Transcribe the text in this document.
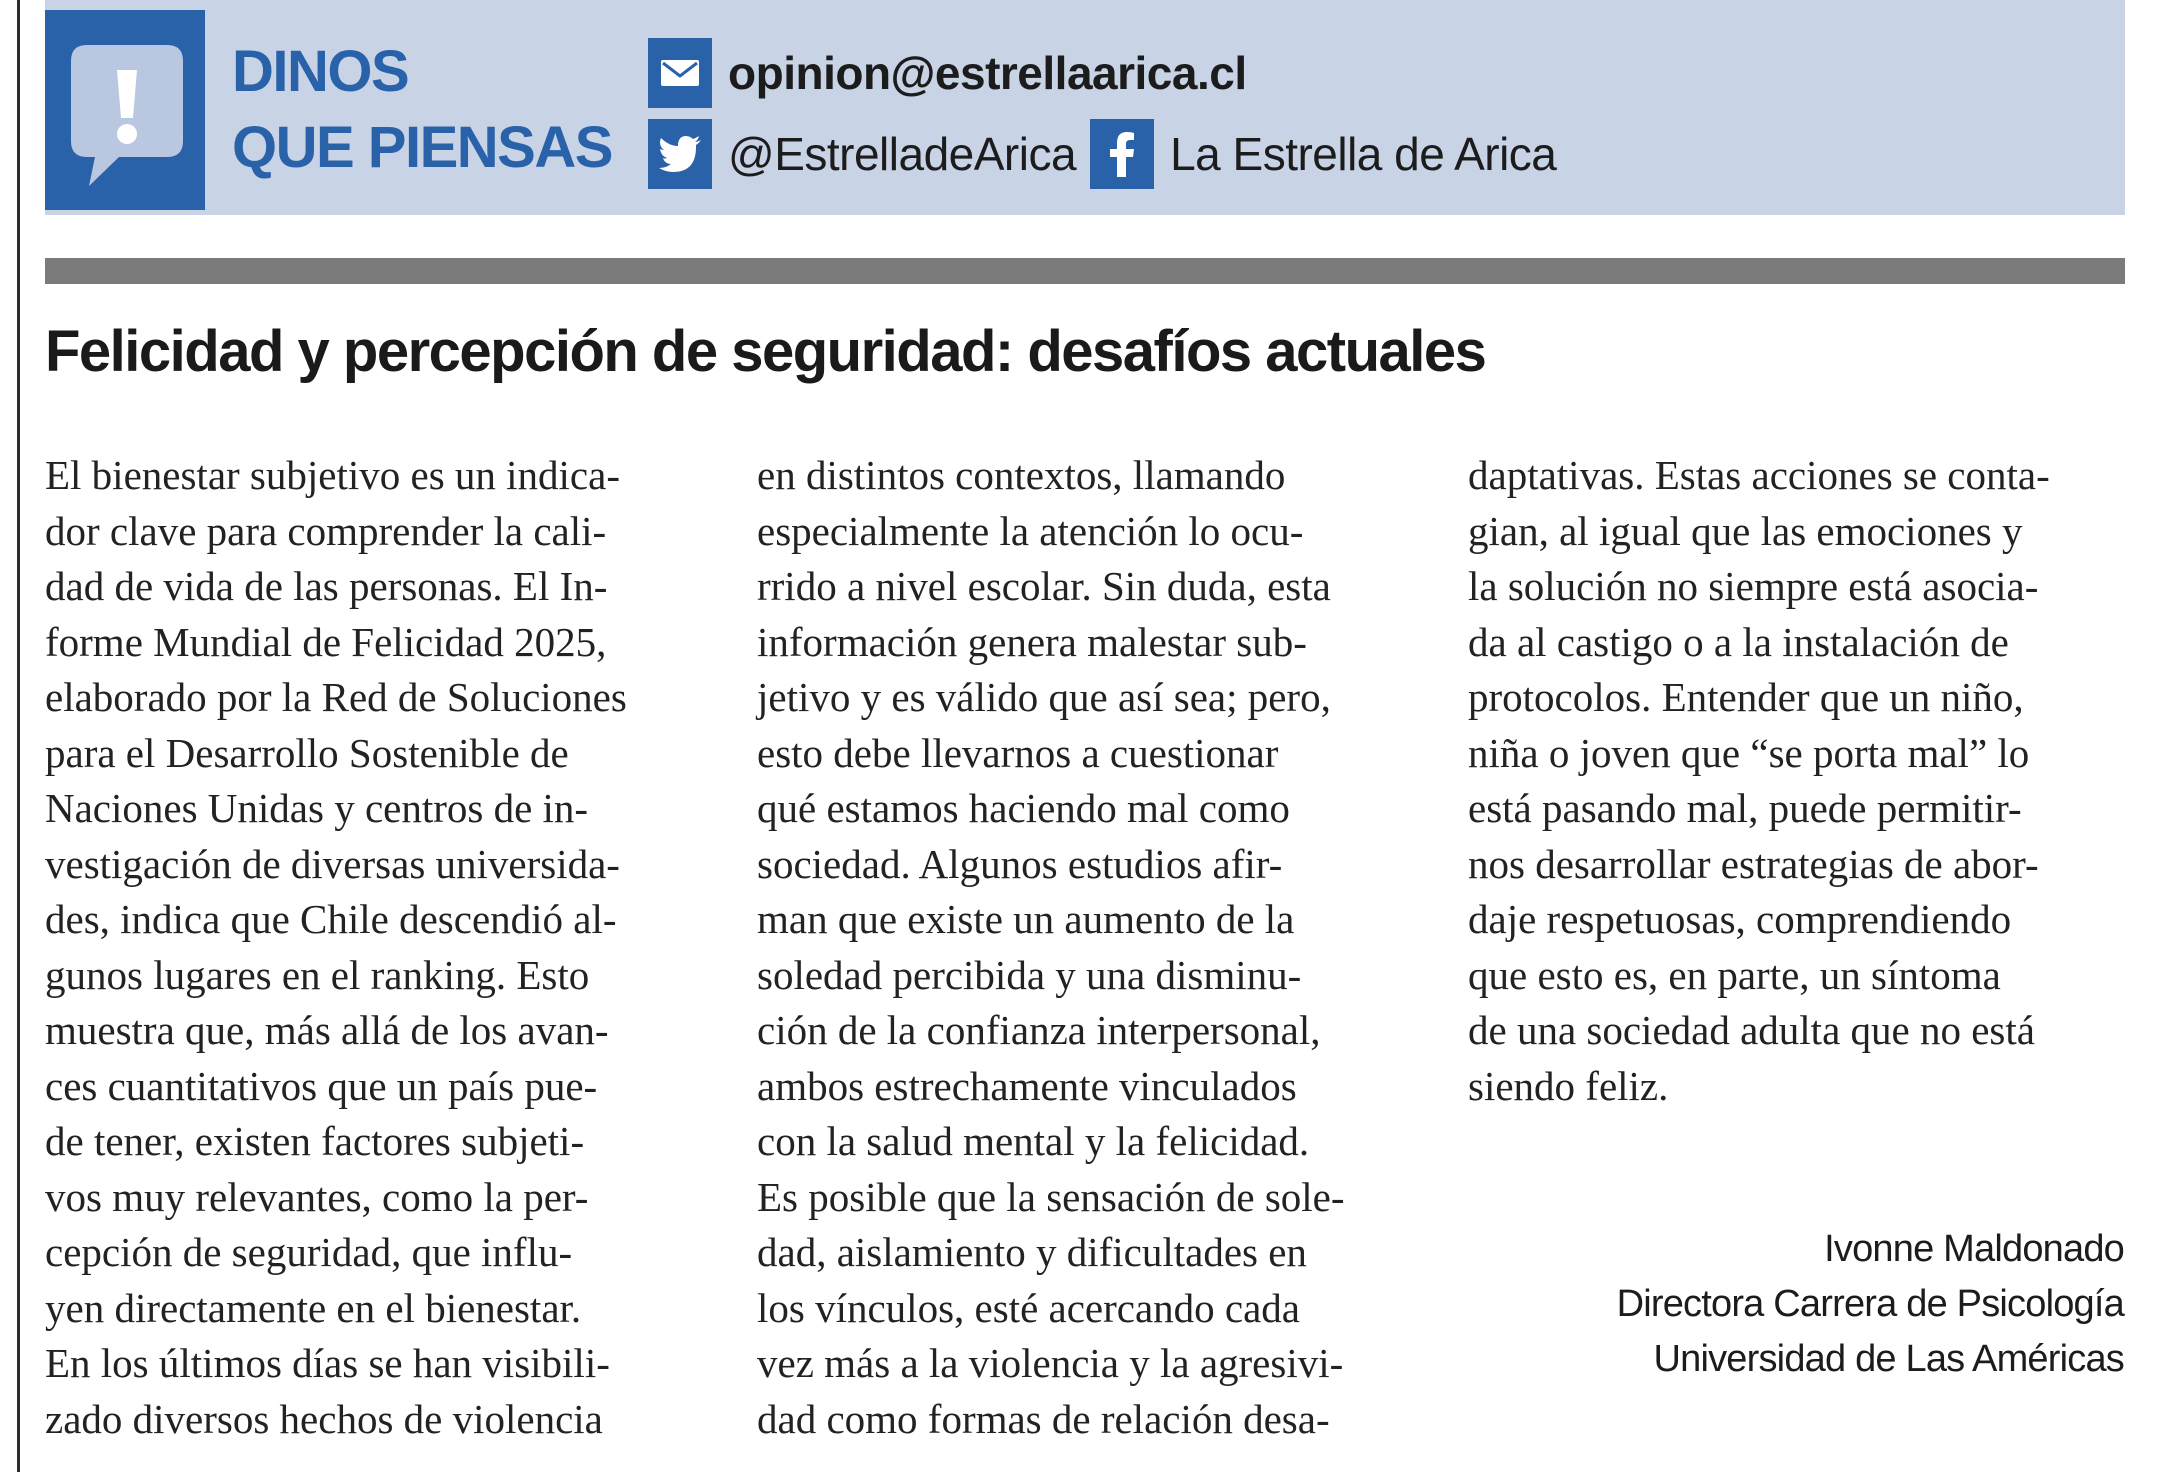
DINOS
QUE PIENSAS
opinion@estrellaarica.cl
@EstrelladeArica La Estrella de Arica
Felicidad y percepción de seguridad: desafíos actuales

El bienestar subjetivo es un indica-
dor clave para comprender la cali-
dad de vida de las personas. El In-
forme Mundial de Felicidad 2025,
elaborado por la Red de Soluciones
para el Desarrollo Sostenible de
Naciones Unidas y centros de in-
vestigación de diversas universida-
des, indica que Chile descendió al-
gunos lugares en el ranking. Esto
muestra que, más allá de los avan-
ces cuantitativos que un país pue-
de tener, existen factores subjeti-
vos muy relevantes, como la per-
cepción de seguridad, que influ-
yen directamente en el bienestar.
En los últimos días se han visibili-
zado diversos hechos de violencia

en distintos contextos, llamando
especialmente la atención lo ocu-
rrido a nivel escolar. Sin duda, esta
información genera malestar sub-
jetivo y es válido que así sea; pero,
esto debe llevarnos a cuestionar
qué estamos haciendo mal como
sociedad. Algunos estudios afir-
man que existe un aumento de la
soledad percibida y una disminu-
ción de la confianza interpersonal,
ambos estrechamente vinculados
con la salud mental y la felicidad.
Es posible que la sensación de sole-
dad, aislamiento y dificultades en
los vínculos, esté acercando cada
vez más a la violencia y la agresivi-
dad como formas de relación desa-

daptativas. Estas acciones se conta-
gian, al igual que las emociones y
la solución no siempre está asocia-
da al castigo o a la instalación de
protocolos. Entender que un niño,
niña o joven que “se porta mal” lo
está pasando mal, puede permitir-
nos desarrollar estrategias de abor-
daje respetuosas, comprendiendo
que esto es, en parte, un síntoma
de una sociedad adulta que no está
siendo feliz.

Ivonne Maldonado
Directora Carrera de Psicología
Universidad de Las Américas
